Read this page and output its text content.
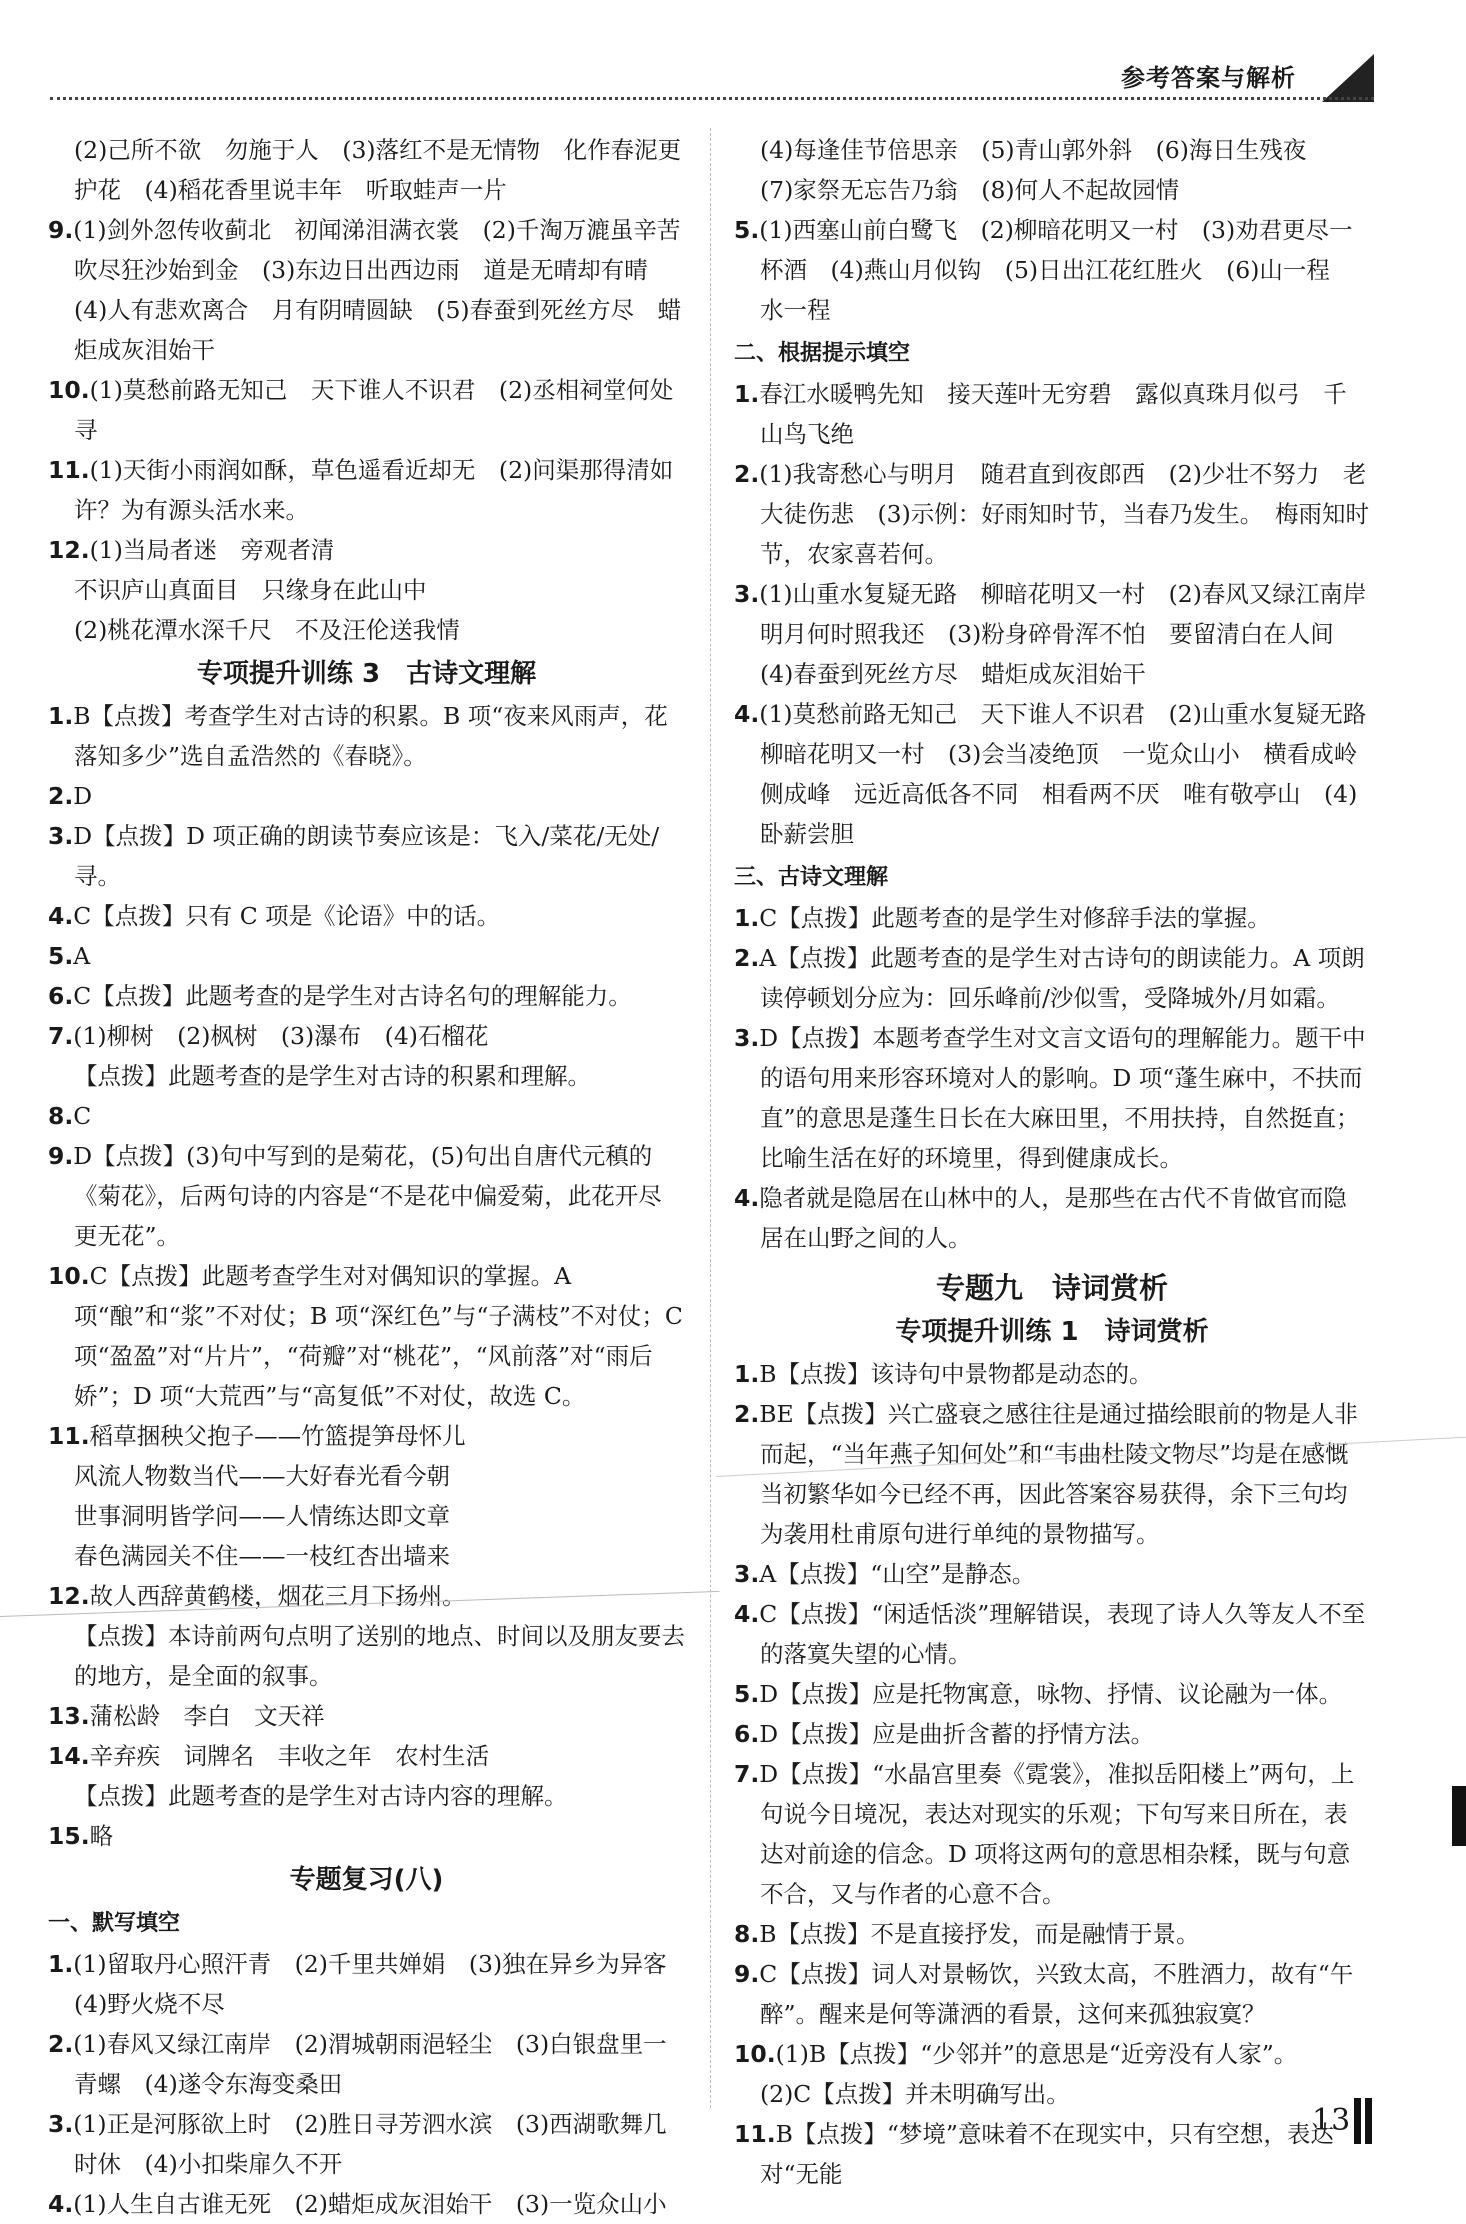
参考答案与解析
(2)己所不欲　勿施于人　(3)落红不是无情物　化作春泥更护花　(4)稻花香里说丰年　听取蛙声一片
9.(1)剑外忽传收蓟北　初闻涕泪满衣裳　(2)千淘万漉虽辛苦　吹尽狂沙始到金　(3)东边日出西边雨　道是无晴却有晴　(4)人有悲欢离合　月有阴晴圆缺　(5)春蚕到死丝方尽　蜡炬成灰泪始干
10.(1)莫愁前路无知己　天下谁人不识君　(2)丞相祠堂何处寻
11.(1)天街小雨润如酥，草色遥看近却无　(2)问渠那得清如许？为有源头活水来。
12.(1)当局者迷　旁观者清
不识庐山真面目　只缘身在此山中
(2)桃花潭水深千尺　不及汪伦送我情
专项提升训练 3　古诗文理解
1.B【点拨】考查学生对古诗的积累。B 项“夜来风雨声，花落知多少”选自孟浩然的《春晓》。
2.D
3.D【点拨】D 项正确的朗读节奏应该是：飞入/菜花/无处/寻。
4.C【点拨】只有 C 项是《论语》中的话。
5.A
6.C【点拨】此题考查的是学生对古诗名句的理解能力。
7.(1)柳树　(2)枫树　(3)瀑布　(4)石榴花
【点拨】此题考查的是学生对古诗的积累和理解。
8.C
9.D【点拨】(3)句中写到的是菊花，(5)句出自唐代元稹的《菊花》，后两句诗的内容是“不是花中偏爱菊，此花开尽更无花”。
10.C【点拨】此题考查学生对对偶知识的掌握。A 项“酿”和“浆”不对仗；B 项“深红色”与“子满枝”不对仗；C 项“盈盈”对“片片”，“荷瓣”对“桃花”，“风前落”对“雨后娇”；D 项“大荒西”与“高复低”不对仗，故选 C。
11.稻草捆秧父抱子——竹篮提笋母怀儿
风流人物数当代——大好春光看今朝
世事洞明皆学问——人情练达即文章
春色满园关不住——一枝红杏出墙来
12.故人西辞黄鹤楼，烟花三月下扬州。
【点拨】本诗前两句点明了送别的地点、时间以及朋友要去的地方，是全面的叙事。
13.蒲松龄　李白　文天祥
14.辛弃疾　词牌名　丰收之年　农村生活
【点拨】此题考查的是学生对古诗内容的理解。
15.略
专题复习(八)
一、默写填空
1.(1)留取丹心照汗青　(2)千里共婵娟　(3)独在异乡为异客　(4)野火烧不尽
2.(1)春风又绿江南岸　(2)渭城朝雨浥轻尘　(3)白银盘里一青螺　(4)遂令东海变桑田
3.(1)正是河豚欲上时　(2)胜日寻芳泗水滨　(3)西湖歌舞几时休　(4)小扣柴扉久不开
4.(1)人生自古谁无死　(2)蜡炬成灰泪始干　(3)一览众山小
(4)每逢佳节倍思亲　(5)青山郭外斜　(6)海日生残夜
(7)家祭无忘告乃翁　(8)何人不起故园情
5.(1)西塞山前白鹭飞　(2)柳暗花明又一村　(3)劝君更尽一杯酒　(4)燕山月似钩　(5)日出江花红胜火　(6)山一程　水一程
二、根据提示填空
1.春江水暖鸭先知　接天莲叶无穷碧　露似真珠月似弓　千山鸟飞绝
2.(1)我寄愁心与明月　随君直到夜郎西　(2)少壮不努力　老大徒伤悲　(3)示例：好雨知时节，当春乃发生。　梅雨知时节，农家喜若何。
3.(1)山重水复疑无路　柳暗花明又一村　(2)春风又绿江南岸　明月何时照我还　(3)粉身碎骨浑不怕　要留清白在人间　(4)春蚕到死丝方尽　蜡炬成灰泪始干
4.(1)莫愁前路无知己　天下谁人不识君　(2)山重水复疑无路　柳暗花明又一村　(3)会当凌绝顶　一览众山小　横看成岭侧成峰　远近高低各不同　相看两不厌　唯有敬亭山　(4)卧薪尝胆
三、古诗文理解
1.C【点拨】此题考查的是学生对修辞手法的掌握。
2.A【点拨】此题考查的是学生对古诗句的朗读能力。A 项朗读停顿划分应为：回乐峰前/沙似雪，受降城外/月如霜。
3.D【点拨】本题考查学生对文言文语句的理解能力。题干中的语句用来形容环境对人的影响。D 项“蓬生麻中，不扶而直”的意思是蓬生日长在大麻田里，不用扶持，自然挺直；比喻生活在好的环境里，得到健康成长。
4.隐者就是隐居在山林中的人，是那些在古代不肯做官而隐居在山野之间的人。
专题九　诗词赏析
专项提升训练 1　诗词赏析
1.B【点拨】该诗句中景物都是动态的。
2.BE【点拨】兴亡盛衰之感往往是通过描绘眼前的物是人非而起，“当年燕子知何处”和“韦曲杜陵文物尽”均是在感慨当初繁华如今已经不再，因此答案容易获得，余下三句均为袭用杜甫原句进行单纯的景物描写。
3.A【点拨】“山空”是静态。
4.C【点拨】“闲适恬淡”理解错误，表现了诗人久等友人不至的落寞失望的心情。
5.D【点拨】应是托物寓意，咏物、抒情、议论融为一体。
6.D【点拨】应是曲折含蓄的抒情方法。
7.D【点拨】“水晶宫里奏《霓裳》，准拟岳阳楼上”两句，上句说今日境况，表达对现实的乐观；下句写来日所在，表达对前途的信念。D 项将这两句的意思相杂糅，既与句意不合，又与作者的心意不合。
8.B【点拨】不是直接抒发，而是融情于景。
9.C【点拨】词人对景畅饮，兴致太高，不胜酒力，故有“午醉”。醒来是何等潇洒的看景，这何来孤独寂寞？
10.(1)B【点拨】“少邻并”的意思是“近旁没有人家”。
(2)C【点拨】并未明确写出。
11.B【点拨】“梦境”意味着不在现实中，只有空想，表达对“无能
13
